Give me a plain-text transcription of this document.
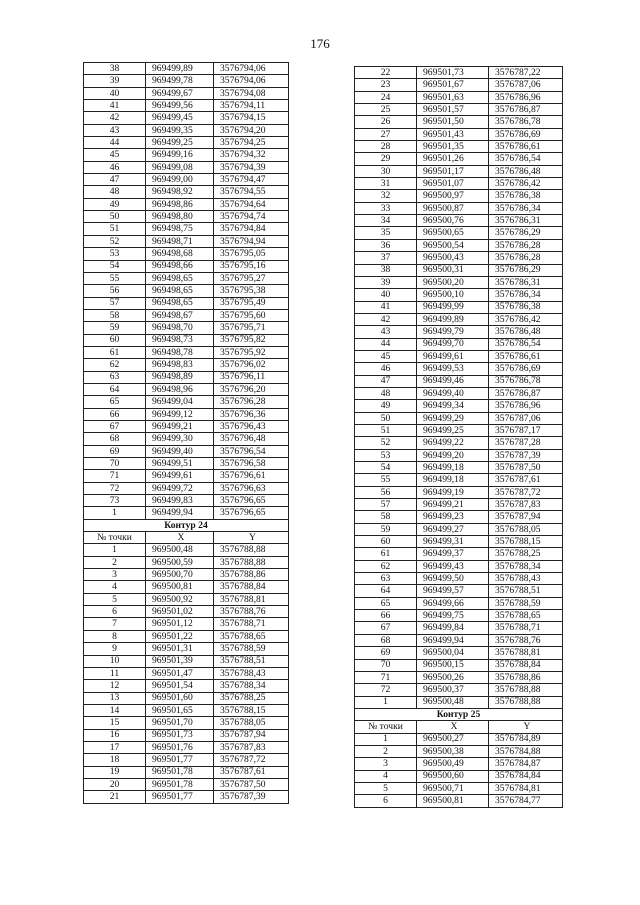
176
38	969499,89	3576794,06
39	969499,78	3576794,06
40	969499,67	3576794,08
41	969499,56	3576794,11
42	969499,45	3576794,15
43	969499,35	3576794,20
44	969499,25	3576794,25
45	969499,16	3576794,32
46	969499,08	3576794,39
47	969499,00	3576794,47
48	969498,92	3576794,55
49	969498,86	3576794,64
50	969498,80	3576794,74
51	969498,75	3576794,84
52	969498,71	3576794,94
53	969498,68	3576795,05
54	969498,66	3576795,16
55	969498,65	3576795,27
56	969498,65	3576795,38
57	969498,65	3576795,49
58	969498,67	3576795,60
59	969498,70	3576795,71
60	969498,73	3576795,82
61	969498,78	3576795,92
62	969498,83	3576796,02
63	969498,89	3576796,11
64	969498,96	3576796,20
65	969499,04	3576796,28
66	969499,12	3576796,36
67	969499,21	3576796,43
68	969499,30	3576796,48
69	969499,40	3576796,54
70	969499,51	3576796,58
71	969499,61	3576796,61
72	969499,72	3576796,63
73	969499,83	3576796,65
1	969499,94	3576796,65
Контур 24		
№ точки	X	Y
1	969500,48	3576788,88
2	969500,59	3576788,88
3	969500,70	3576788,86
4	969500,81	3576788,84
5	969500,92	3576788,81
6	969501,02	3576788,76
7	969501,12	3576788,71
8	969501,22	3576788,65
9	969501,31	3576788,59
10	969501,39	3576788,51
11	969501,47	3576788,43
12	969501,54	3576788,34
13	969501,60	3576788,25
14	969501,65	3576788,15
15	969501,70	3576788,05
16	969501,73	3576787,94
17	969501,76	3576787,83
18	969501,77	3576787,72
19	969501,78	3576787,61
20	969501,78	3576787,50
21	969501,77	3576787,39
22	969501,73	3576787,22
23	969501,67	3576787,06
24	969501,63	3576786,96
25	969501,57	3576786,87
26	969501,50	3576786,78
27	969501,43	3576786,69
28	969501,35	3576786,61
29	969501,26	3576786,54
30	969501,17	3576786,48
31	969501,07	3576786,42
32	969500,97	3576786,38
33	969500,87	3576786,34
34	969500,76	3576786,31
35	969500,65	3576786,29
36	969500,54	3576786,28
37	969500,43	3576786,28
38	969500,31	3576786,29
39	969500,20	3576786,31
40	969500,10	3576786,34
41	969499,99	3576786,38
42	969499,89	3576786,42
43	969499,79	3576786,48
44	969499,70	3576786,54
45	969499,61	3576786,61
46	969499,53	3576786,69
47	969499,46	3576786,78
48	969499,40	3576786,87
49	969499,34	3576786,96
50	969499,29	3576787,06
51	969499,25	3576787,17
52	969499,22	3576787,28
53	969499,20	3576787,39
54	969499,18	3576787,50
55	969499,18	3576787,61
56	969499,19	3576787,72
57	969499,21	3576787,83
58	969499,23	3576787,94
59	969499,27	3576788,05
60	969499,31	3576788,15
61	969499,37	3576788,25
62	969499,43	3576788,34
63	969499,50	3576788,43
64	969499,57	3576788,51
65	969499,66	3576788,59
66	969499,75	3576788,65
67	969499,84	3576788,71
68	969499,94	3576788,76
69	969500,04	3576788,81
70	969500,15	3576788,84
71	969500,26	3576788,86
72	969500,37	3576788,88
1	969500,48	3576788,88
Контур 25		
№ точки	X	Y
1	969500,27	3576784,89
2	969500,38	3576784,88
3	969500,49	3576784,87
4	969500,60	3576784,84
5	969500,71	3576784,81
6	969500,81	3576784,77
